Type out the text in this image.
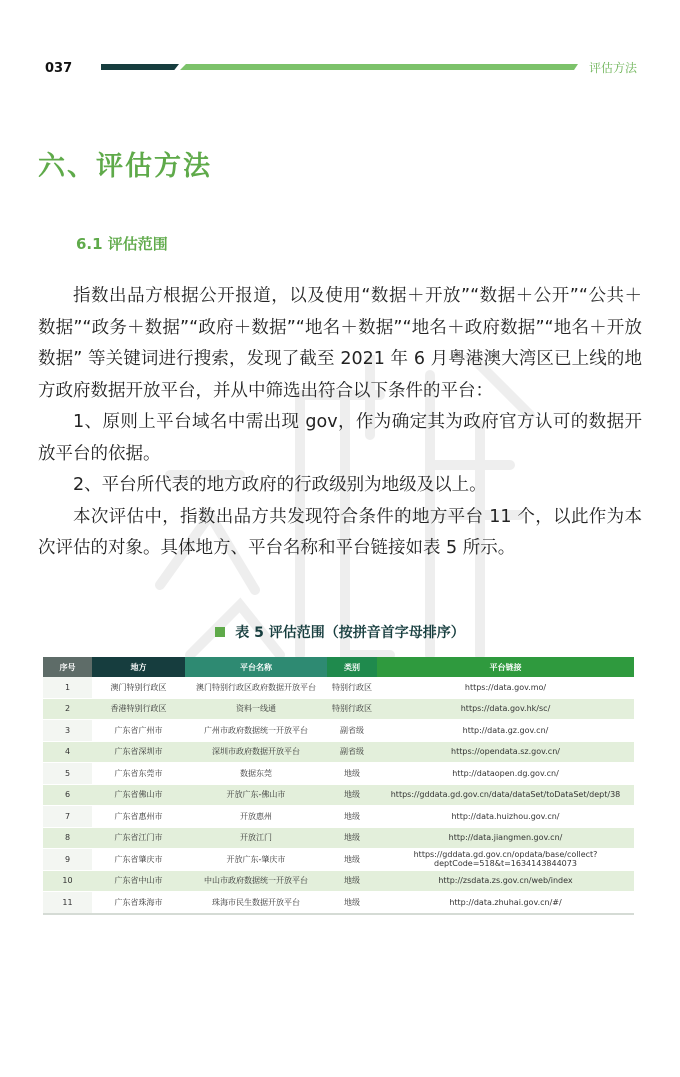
037	评估方法
六、评估方法
6.1 评估范围

指数出品方根据公开报道，以及使用“数据＋开放”“数据＋公开”“公共＋数据”“政务＋数据”“政府＋数据”“地名＋数据”“地名＋政府数据”“地名＋开放数据” 等关键词进行搜索，发现了截至 2021 年 6 月粤港澳大湾区已上线的地方政府数据开放平台，并从中筛选出符合以下条件的平台：

1、原则上平台域名中需出现 gov，作为确定其为政府官方认可的数据开放平台的依据。

2、平台所代表的地方政府的行政级别为地级及以上。

本次评估中，指数出品方共发现符合条件的地方平台 11 个，以此作为本次评估的对象。具体地方、平台名称和平台链接如表 5 所示。

表 5 评估范围（按拼音首字母排序）
序号	地方	平台名称	类别	平台链接
1	澳门特别行政区	澳门特别行政区政府数据开放平台	特别行政区	https://data.gov.mo/
2	香港特别行政区	资料一线通	特别行政区	https://data.gov.hk/sc/
3	广东省广州市	广州市政府数据统一开放平台	副省级	http://data.gz.gov.cn/
4	广东省深圳市	深圳市政府数据开放平台	副省级	https://opendata.sz.gov.cn/
5	广东省东莞市	数据东莞	地级	http://dataopen.dg.gov.cn/
6	广东省佛山市	开放广东-佛山市	地级	https://gddata.gd.gov.cn/data/dataSet/toDataSet/dept/38
7	广东省惠州市	开放惠州	地级	http://data.huizhou.gov.cn/
8	广东省江门市	开放江门	地级	http://data.jiangmen.gov.cn/
9	广东省肇庆市	开放广东-肇庆市	地级	https://gddata.gd.gov.cn/opdata/base/collect?
deptCode=518&t=1634143844073
10	广东省中山市	中山市政府数据统一开放平台	地级	http://zsdata.zs.gov.cn/web/index
11	广东省珠海市	珠海市民生数据开放平台	地级	http://data.zhuhai.gov.cn/#/
